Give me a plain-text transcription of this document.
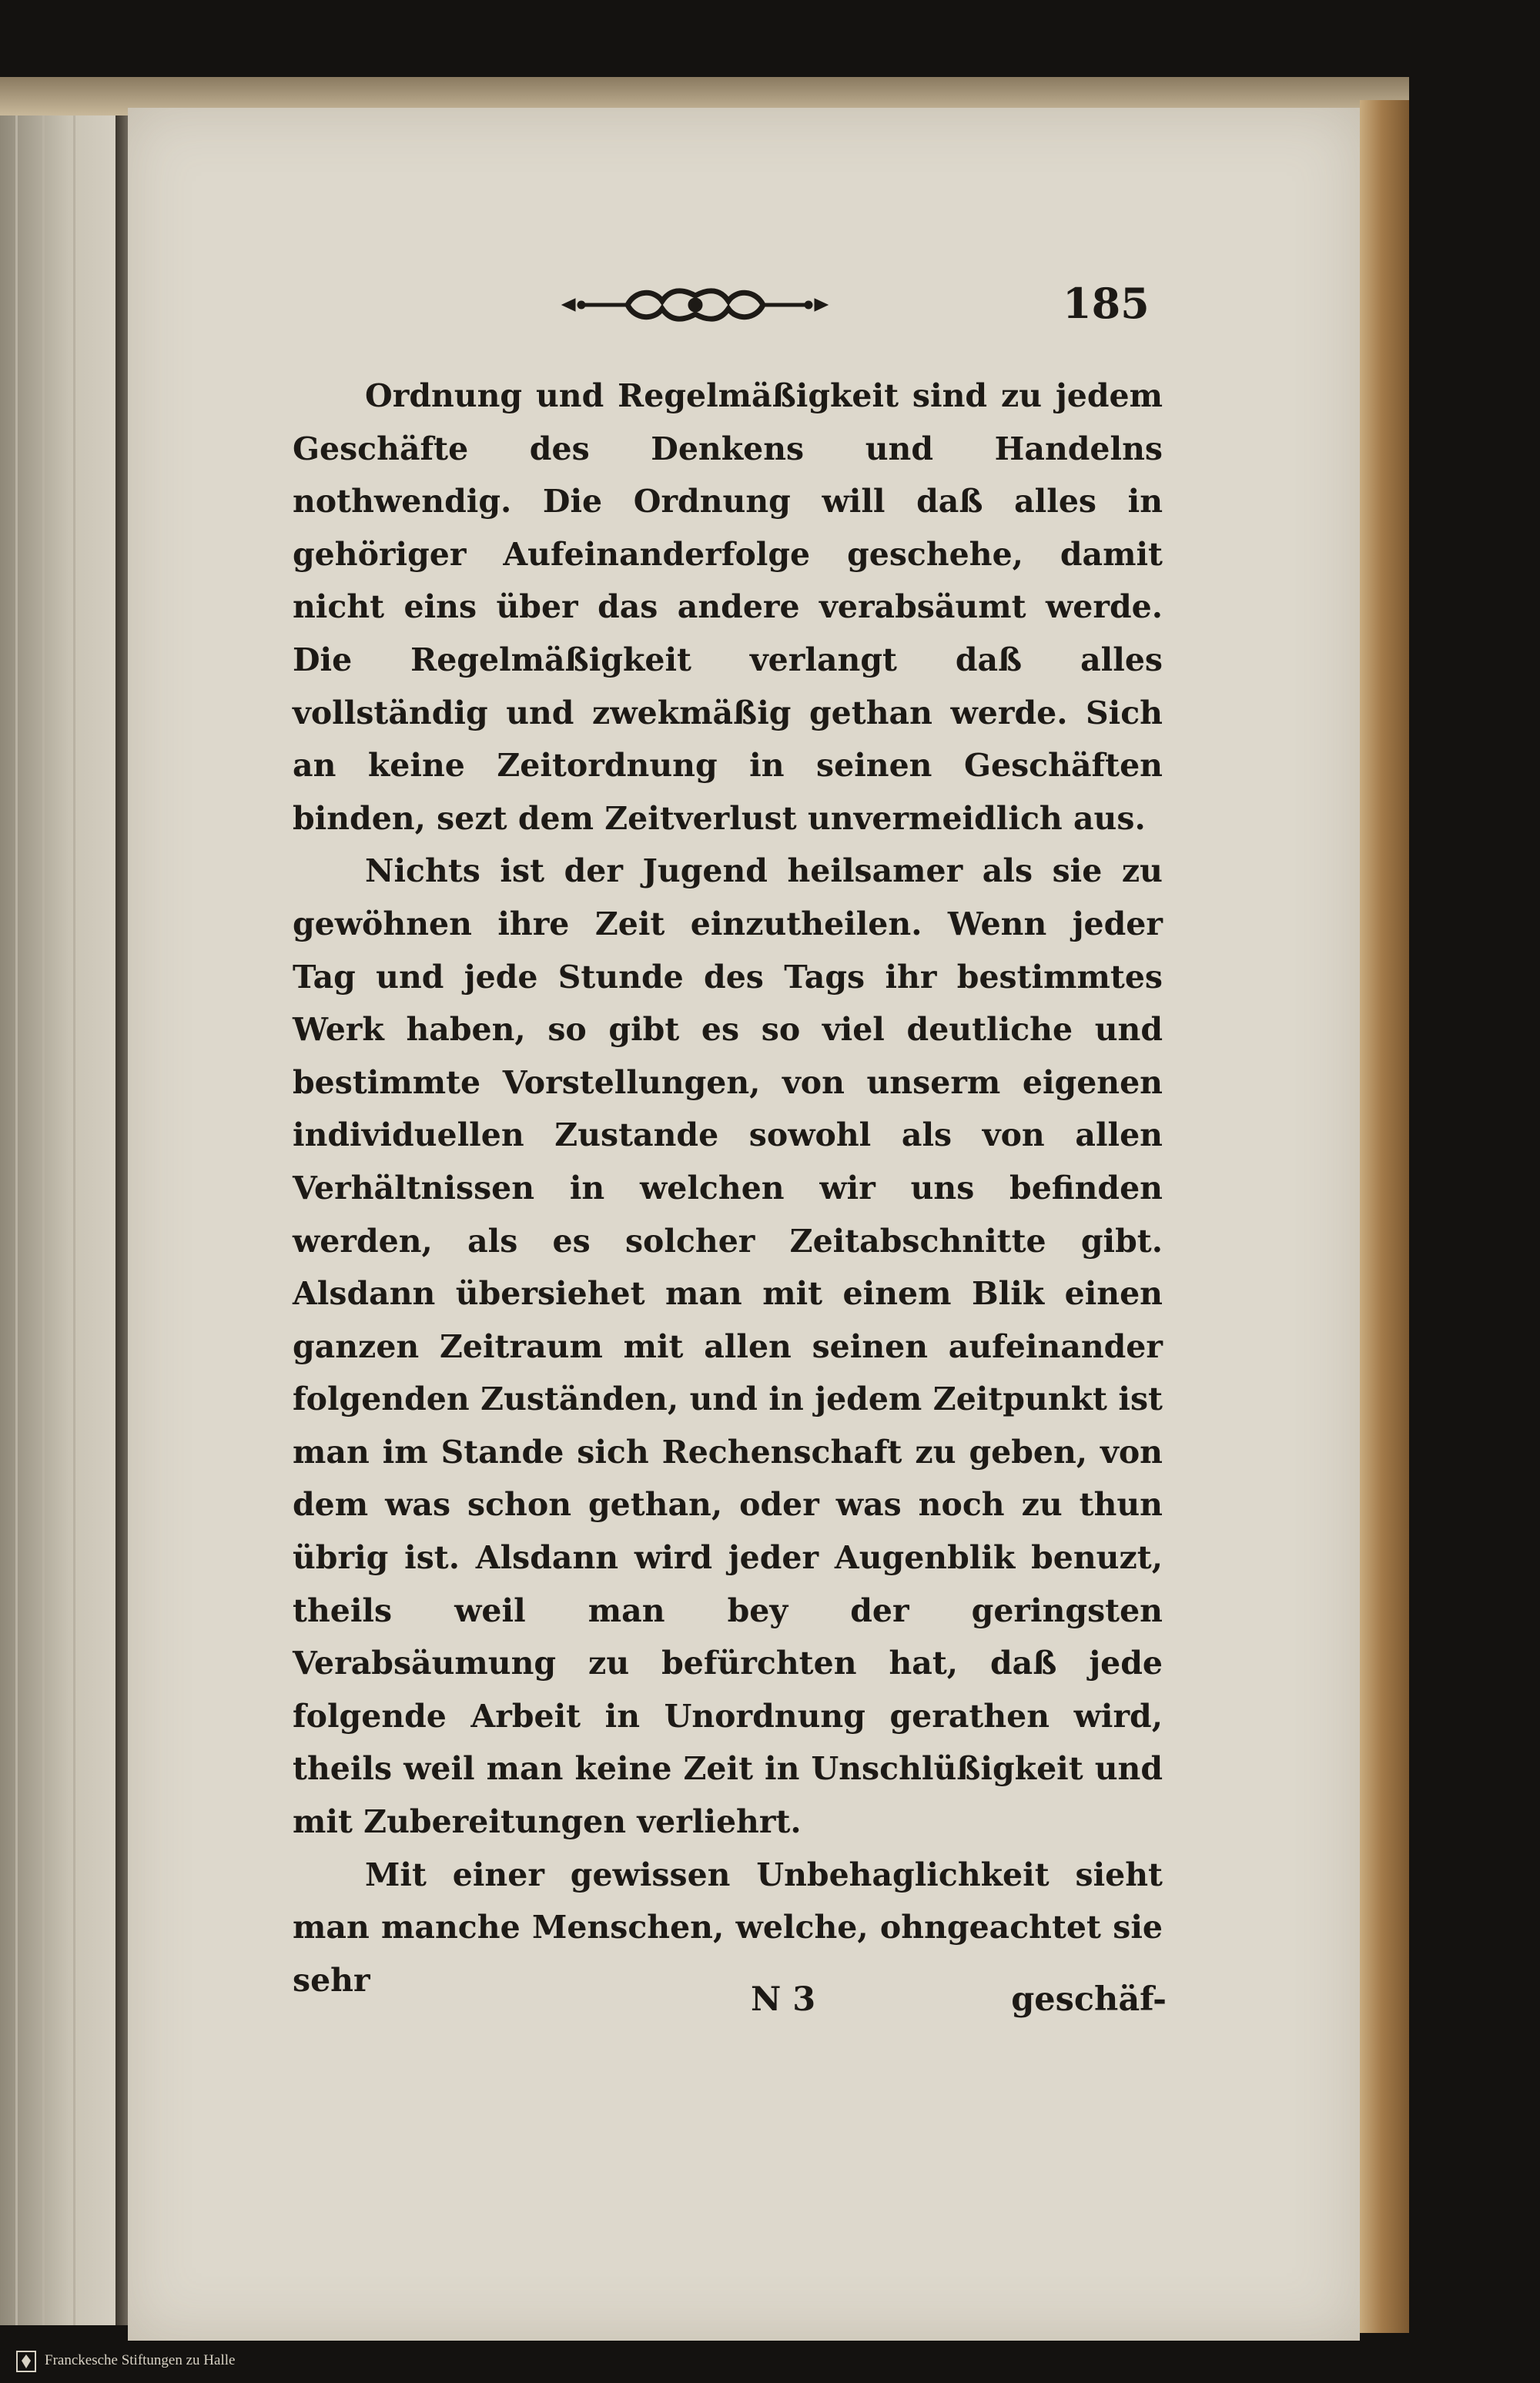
185

Ordnung und Regelmäßigkeit sind zu jedem Geschäfte des Denkens und Handelns nothwendig. Die Ordnung will daß alles in gehöriger Aufeinanderfolge geschehe, damit nicht eins über das andere verabsäumt werde. Die Regelmäßigkeit verlangt daß alles vollständig und zwekmäßig gethan werde. Sich an keine Zeitordnung in seinen Geschäften binden, sezt dem Zeitverlust unvermeidlich aus.

Nichts ist der Jugend heilsamer als sie zu gewöhnen ihre Zeit einzutheilen. Wenn jeder Tag und jede Stunde des Tags ihr bestimmtes Werk haben, so gibt es so viel deutliche und bestimmte Vorstellungen, von unserm eigenen individuellen Zustande sowohl als von allen Verhältnissen in welchen wir uns befinden werden, als es solcher Zeitabschnitte gibt. Alsdann übersiehet man mit einem Blik einen ganzen Zeitraum mit allen seinen aufeinander folgenden Zuständen, und in jedem Zeitpunkt ist man im Stande sich Rechenschaft zu geben, von dem was schon gethan, oder was noch zu thun übrig ist. Alsdann wird jeder Augenblik benuzt, theils weil man bey der geringsten Verabsäumung zu befürchten hat, daß jede folgende Arbeit in Unordnung gerathen wird, theils weil man keine Zeit in Unschlüßigkeit und mit Zubereitungen verliehrt.

Mit einer gewissen Unbehaglichkeit sieht man manche Menschen, welche, ohngeachtet sie sehr

N 3	geschäf-
Franckesche Stiftungen zu Halle
